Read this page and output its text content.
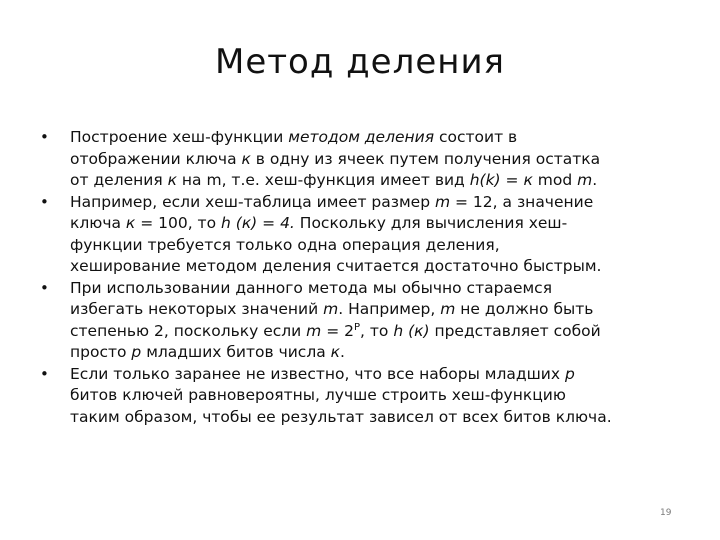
Метод деления
•	Построение хеш-функции методом деления состоит в
отображении ключа к в одну из ячеек путем получения остатка
от деления к на m, т.е. хеш-функция имеет вид h(k) = к mod m.
•	Например, если хеш-таблица имеет размер m = 12, а значение
ключа к = 100, то h (к) = 4. Поскольку для вычисления хеш-
функции требуется только одна операция деления,
хеширование методом деления считается достаточно быстрым.
•	При использовании данного метода мы обычно стараемся
избегать некоторых значений m. Например, m не должно быть
степенью 2, поскольку если $m = 2^P$, то h (к) представляет собой
просто p младших битов числа к.
•	Если только заранее не известно, что все наборы младших p
битов ключей равновероятны, лучше строить хеш-функцию
таким образом, чтобы ее результат зависел от всех битов ключа.
19
